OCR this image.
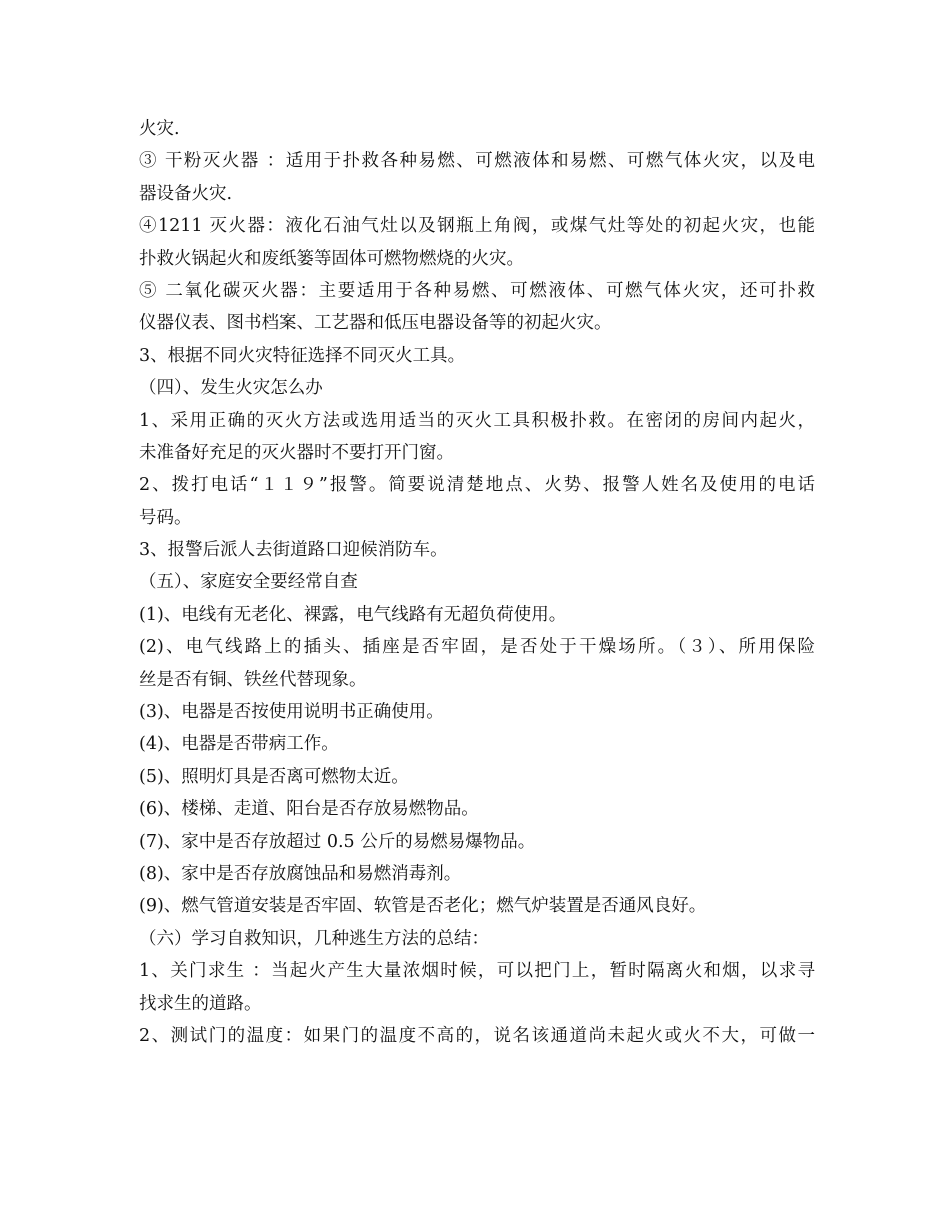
火灾.
③ 干粉灭火器 ：适用于扑救各种易燃、可燃液体和易燃、可燃气体火灾，以及电
器设备火灾.
④1211 灭火器：液化石油气灶以及钢瓶上角阀，或煤气灶等处的初起火灾，也能
扑救火锅起火和废纸篓等固体可燃物燃烧的火灾。
⑤ 二氧化碳灭火器：主要适用于各种易燃、可燃液体、可燃气体火灾，还可扑救
仪器仪表、图书档案、工艺器和低压电器设备等的初起火灾。
3、根据不同火灾特征选择不同灭火工具。
（四）、发生火灾怎么办
1、采用正确的灭火方法或选用适当的灭火工具积极扑救。在密闭的房间内起火，
未准备好充足的灭火器时不要打开门窗。
2、拨打电话“１１９”报警。简要说清楚地点、火势、报警人姓名及使用的电话
号码。
3、报警后派人去街道路口迎候消防车。
（五）、家庭安全要经常自查
(1)、电线有无老化、裸露，电气线路有无超负荷使用。
(2)、电气线路上的插头、插座是否牢固，是否处于干燥场所。（３）、所用保险
丝是否有铜、铁丝代替现象。
(3)、电器是否按使用说明书正确使用。
(4)、电器是否带病工作。
(5)、照明灯具是否离可燃物太近。
(6)、楼梯、走道、阳台是否存放易燃物品。
(7)、家中是否存放超过 0.5 公斤的易燃易爆物品。
(8)、家中是否存放腐蚀品和易燃消毒剂。
(9)、燃气管道安装是否牢固、软管是否老化；燃气炉装置是否通风良好。
（六）学习自救知识，几种逃生方法的总结：
1、关门求生 ：当起火产生大量浓烟时候，可以把门上，暂时隔离火和烟，以求寻
找求生的道路。
2、测试门的温度：如果门的温度不高的，说名该通道尚未起火或火不大，可做一
